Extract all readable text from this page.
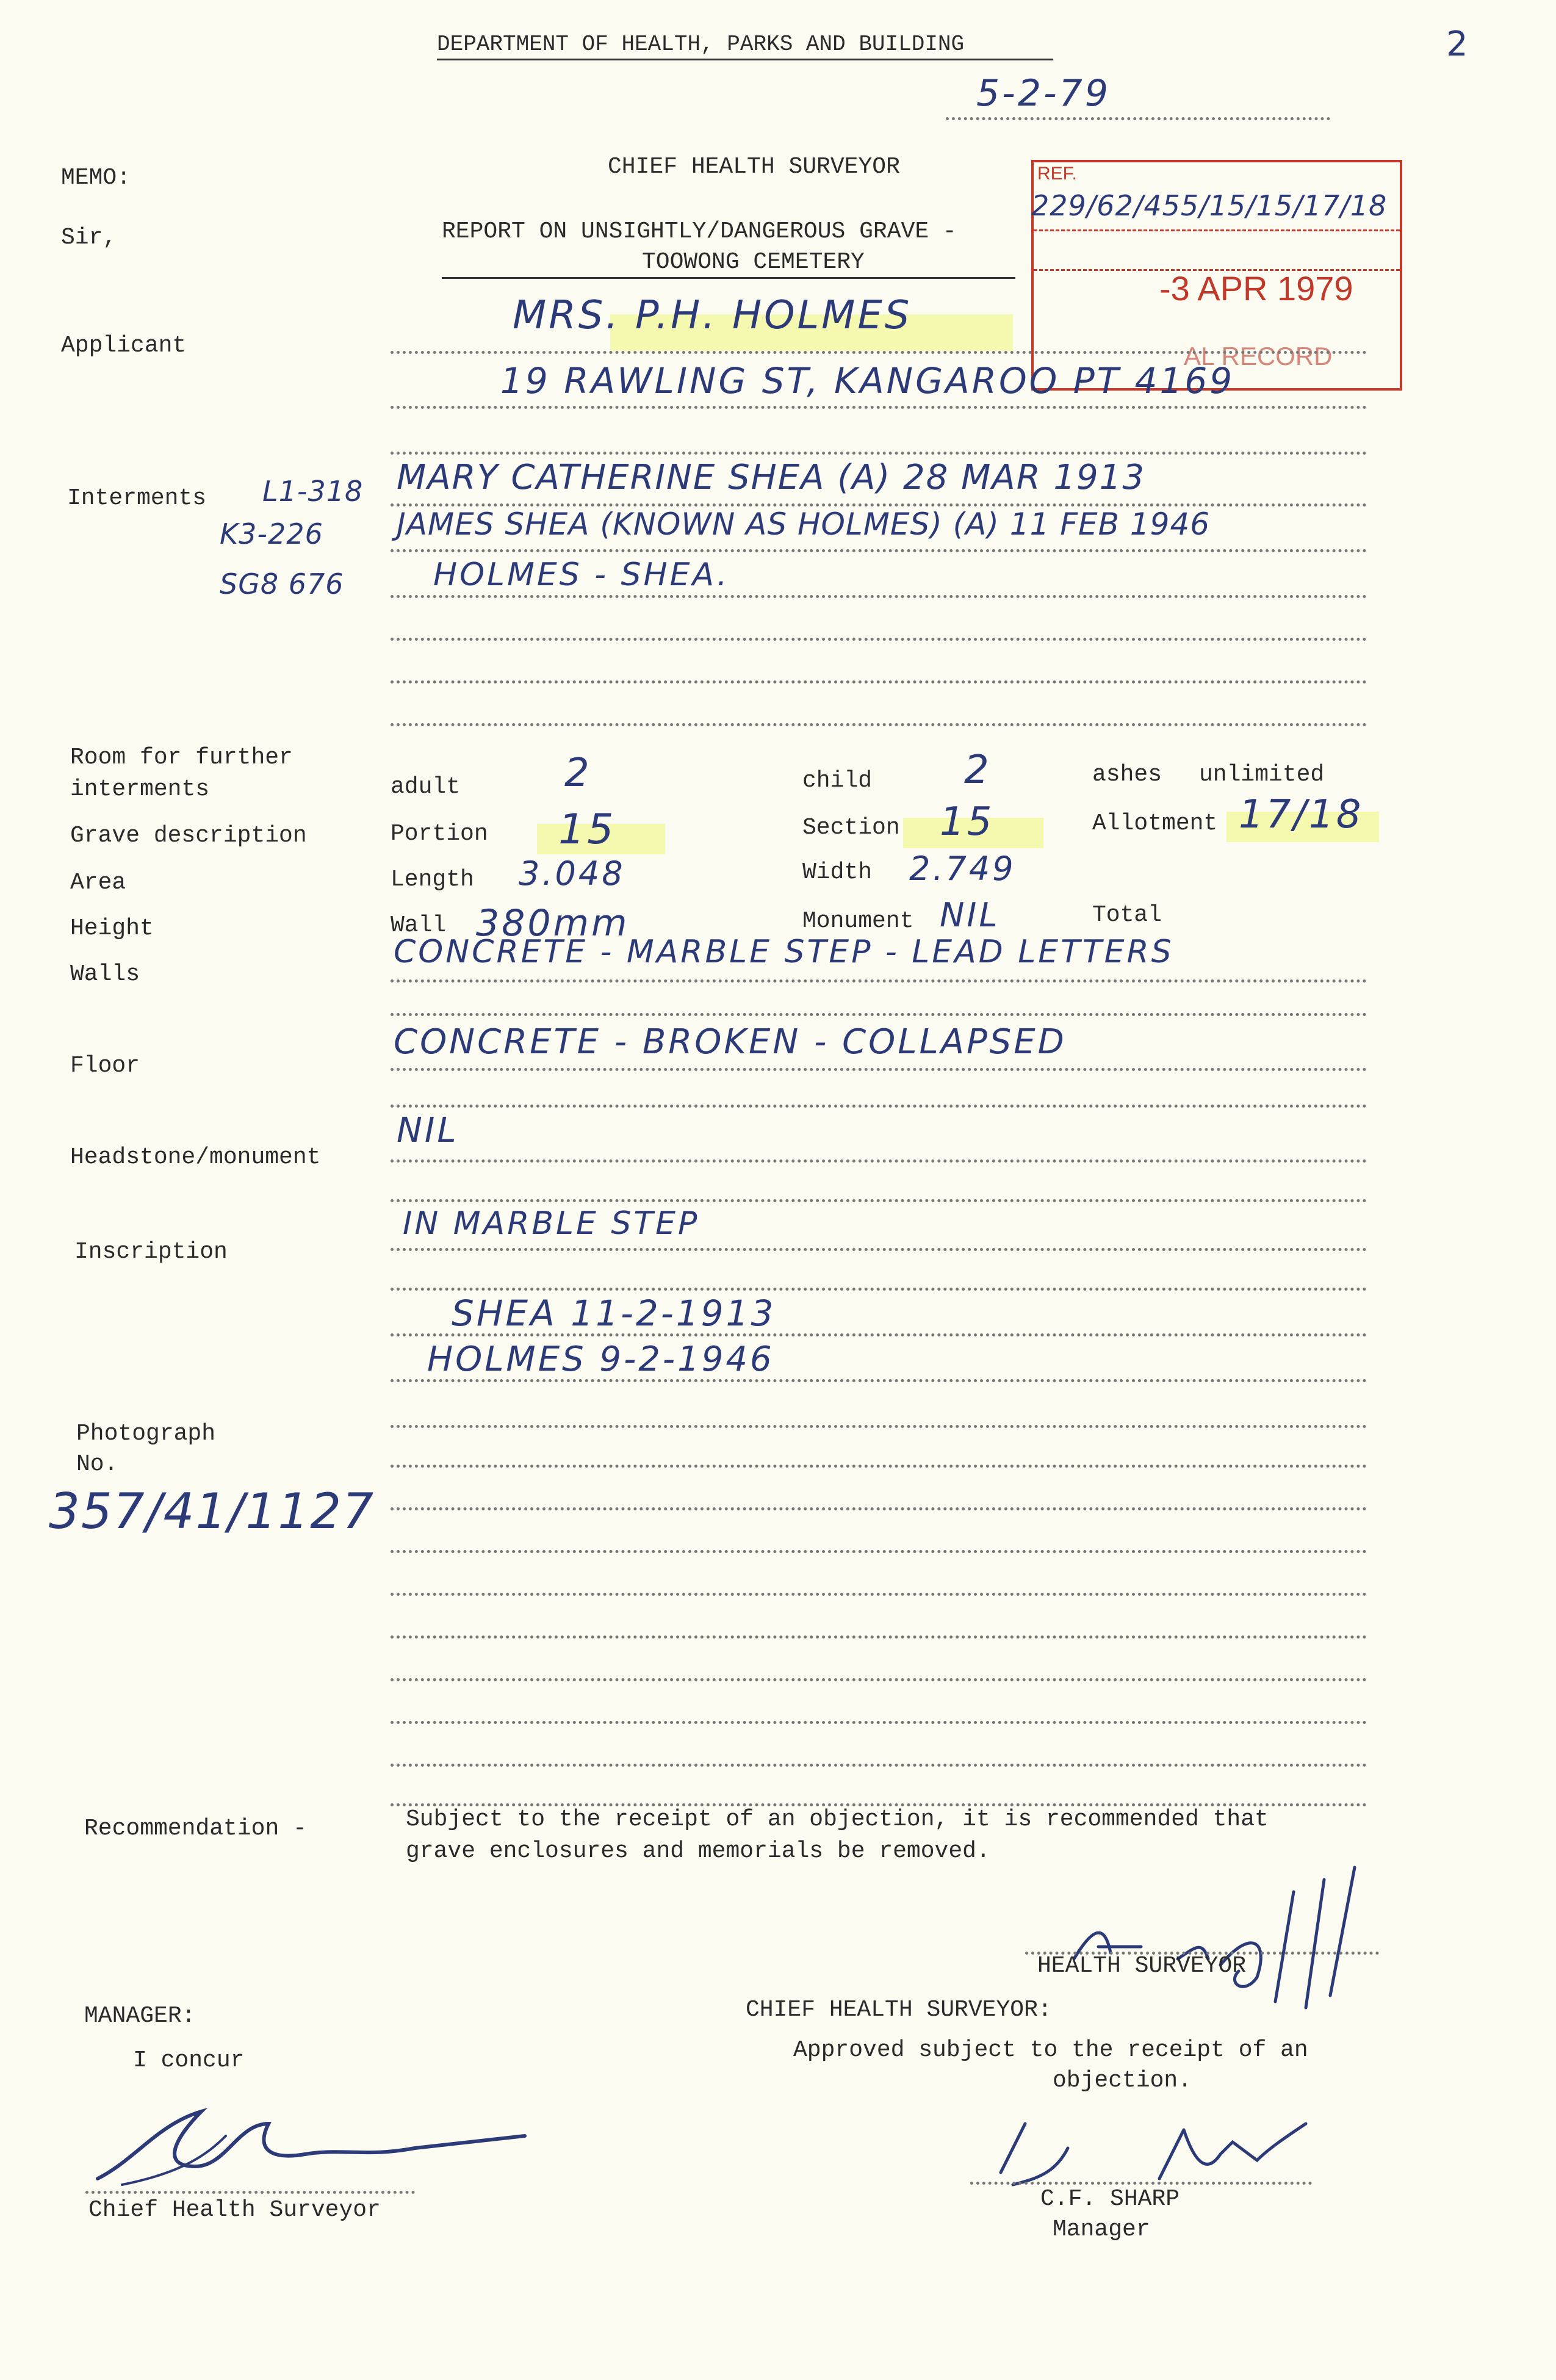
DEPARTMENT OF HEALTH, PARKS AND BUILDING	2
5-2-79
MEMO:
Sir,
CHIEF HEALTH SURVEYOR
REPORT ON UNSIGHTLY/DANGEROUS GRAVE -
TOOWONG CEMETERY
REF.
229/62/455/15/15/17/18
-3 APR 1979
AL RECORD
Applicant
MRS. P.H. HOLMES
19 RAWLING ST, KANGAROO PT 4169
Interments L1-318
K3-226
SG8 676
MARY CATHERINE SHEA (A) 28 MAR 1913
JAMES SHEA (KNOWN AS HOLMES) (A) 11 FEB 1946
HOLMES - SHEA.
Room for further
interments	adult	2	child 2	ashes unlimited
Grave description	Portion 15	Section 15	Allotment 17/18
Area	Length 3.048	Width 2.749
Height	Wall 380mm	Monument NIL	Total
Walls
CONCRETE - MARBLE STEP - LEAD LETTERS
Floor
CONCRETE - BROKEN - COLLAPSED
Headstone/monument
NIL
Inscription
IN MARBLE STEP
SHEA 11-2-1913
HOLMES 9-2-1946
Photograph
No.
357/41/1127
Recommendation -	Subject to the receipt of an objection, it is recommended that
grave enclosures and memorials be removed.
HEALTH SURVEYOR
MANAGER:
I concur
Chief Health Surveyor
CHIEF HEALTH SURVEYOR:
Approved subject to the receipt of an
objection.
C.F. SHARP
Manager
